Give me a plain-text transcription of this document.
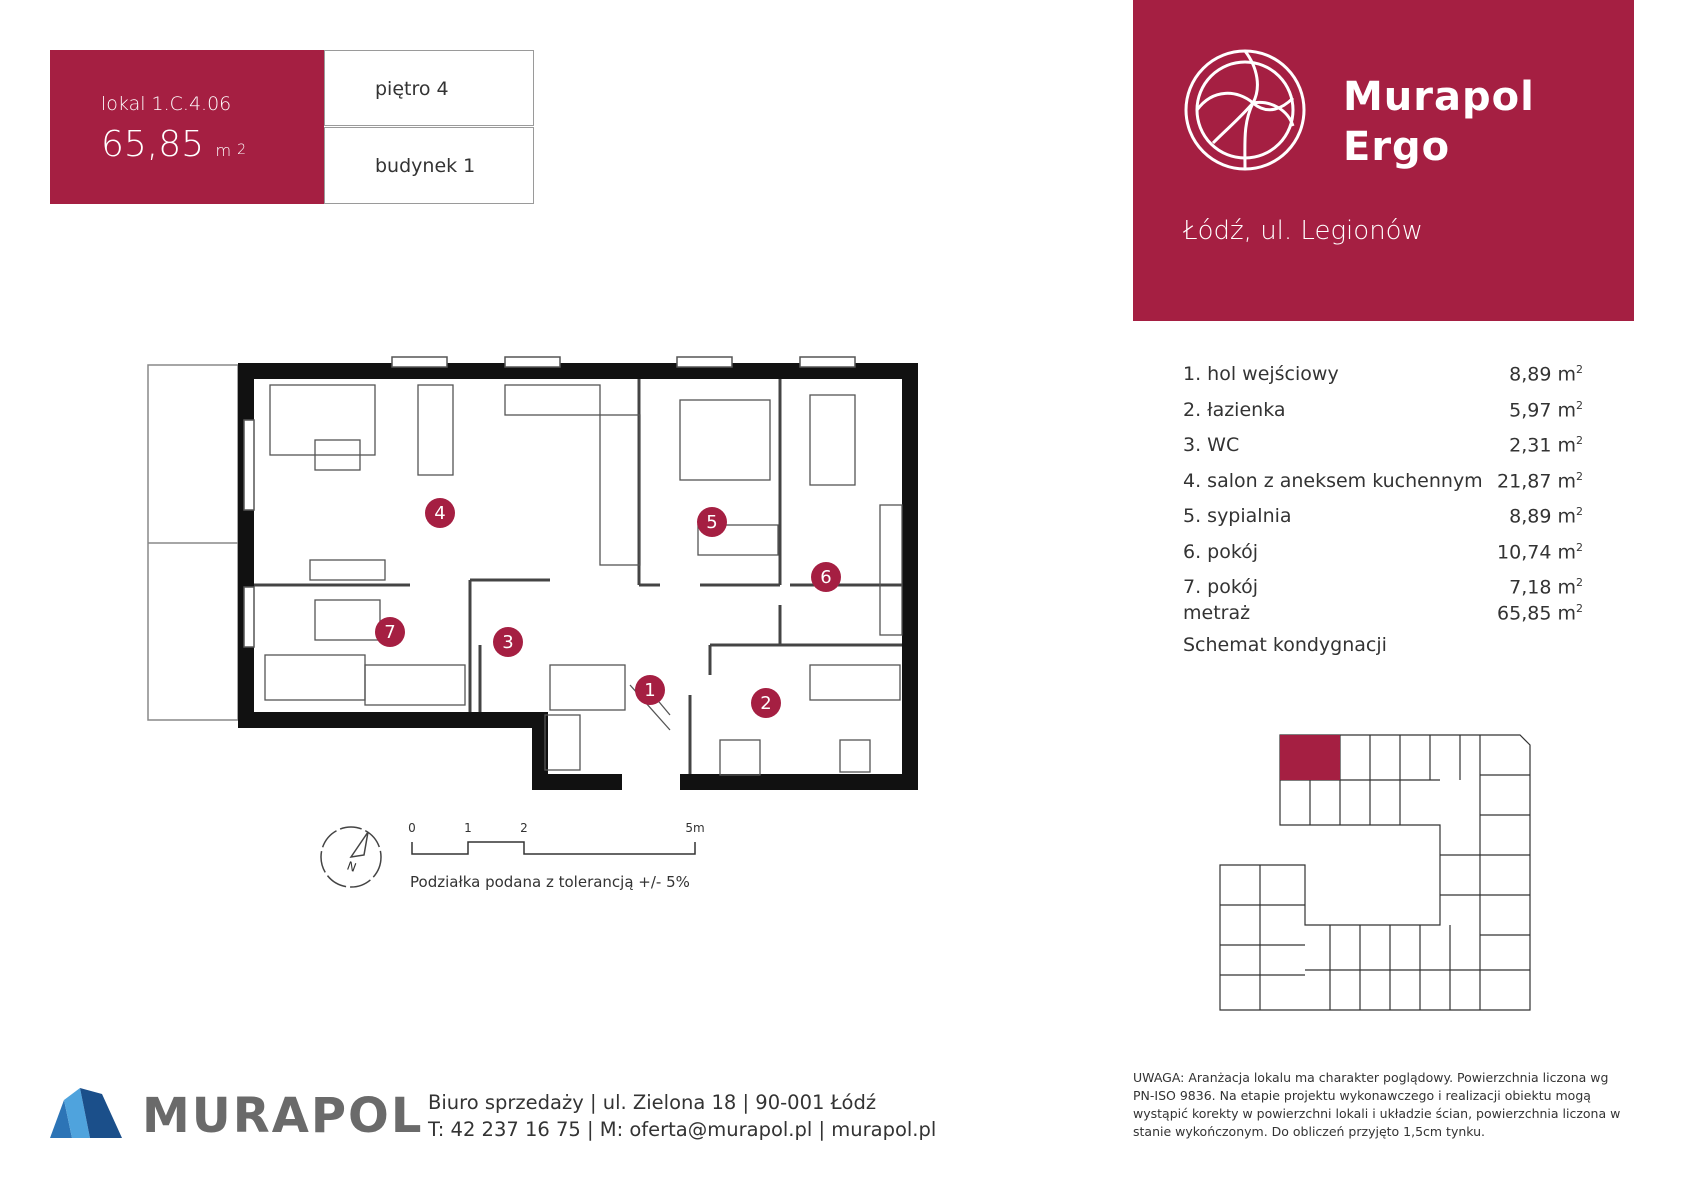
lokal 1.C.4.06
65,85 m $^2$
piętro 4
budynek 1
Murapol
Ergo
Łódź, ul. Legionów
1. hol wejściowy	8,89 $m^2$
2. łazienka	5,97 $m^2$
3. WC	2,31 $m^2$
4. salon z aneksem kuchennym 21,87 $m^2$
5. sypialnia	8,89 $m^2$
6. pokój	10,74 $m^2$
7. pokój	7,18 $m^2$
metraż	65,85 $m^2$
Schemat kondygnacji
1
2
3
4	5
6
7
N
0	1	2	5m
Podziałka podana z tolerancją +/- 5%
UWAGA: Aranżacja lokalu ma charakter poglądowy. Powierzchnia liczona wg PN-ISO 9836. Na etapie projektu wykonawczego i realizacji obiektu mogą wystąpić korekty w powierzchni lokali i układzie ścian, powierzchnia liczona w stanie wykończonym. Do obliczeń przyjęto 1,5cm tynku.
MURAPOL Biuro sprzedaży | ul. Zielona 18 | 90-001 Łódź
T: 42 237 16 75 | M: oferta@murapol.pl | murapol.pl
